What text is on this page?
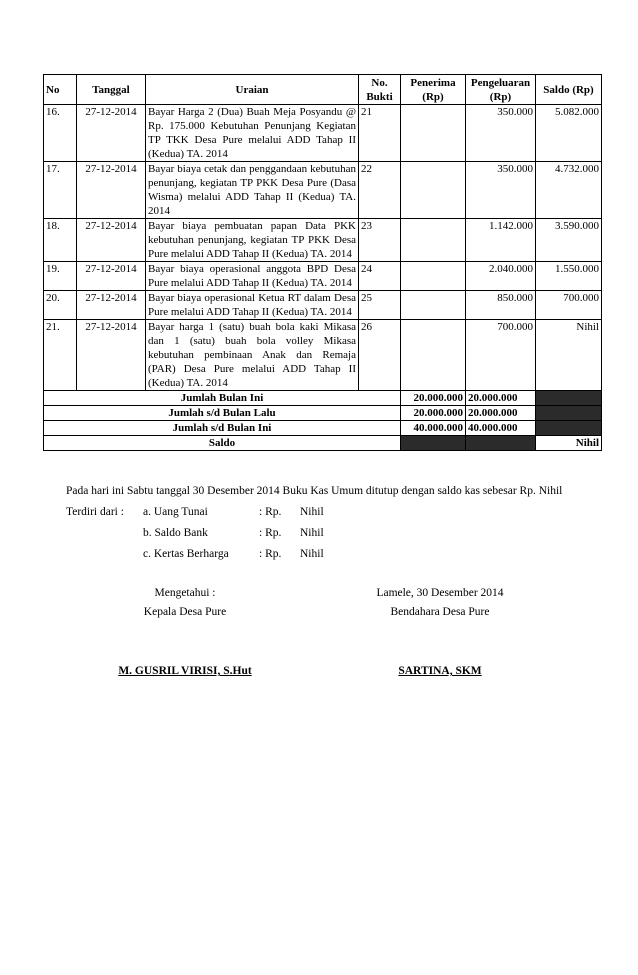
No	Tanggal	Uraian	No. Bukti	Penerima (Rp)	Pengeluaran (Rp)	Saldo (Rp)
16.	27-12-2014	Bayar Harga 2 (Dua) Buah Meja Posyandu @ Rp. 175.000 Kebutuhan Penunjang Kegiatan TP TKK Desa Pure melalui ADD Tahap II (Kedua) TA. 2014	21		350.000	5.082.000
17.	27-12-2014	Bayar biaya cetak dan penggandaan kebutuhan penunjang, kegiatan TP PKK Desa Pure (Dasa Wisma) melalui ADD Tahap II (Kedua) TA. 2014	22		350.000	4.732.000
18.	27-12-2014	Bayar biaya pembuatan papan Data PKK kebutuhan penunjang, kegiatan TP PKK Desa Pure melalui ADD Tahap II (Kedua) TA. 2014	23		1.142.000	3.590.000
19.	27-12-2014	Bayar biaya operasional anggota BPD Desa Pure melalui ADD Tahap II (Kedua) TA. 2014	24		2.040.000	1.550.000
20.	27-12-2014	Bayar biaya operasional Ketua RT dalam Desa Pure melalui ADD Tahap II (Kedua) TA. 2014	25		850.000	700.000
21.	27-12-2014	Bayar harga 1 (satu) buah bola kaki Mikasa dan 1 (satu) buah bola volley Mikasa kebutuhan pembinaan Anak dan Remaja (PAR) Desa Pure melalui ADD Tahap II (Kedua) TA. 2014	26		700.000	Nihil
Jumlah Bulan Ini				20.000.000	20.000.000	
Jumlah s/d Bulan Lalu				20.000.000	20.000.000	
Jumlah s/d Bulan Ini				40.000.000	40.000.000	
Saldo						Nihil
Pada hari ini Sabtu tanggal 30 Desember 2014 Buku Kas Umum ditutup dengan saldo kas sebesar Rp. Nihil
Terdiri dari : a. Uang Tunai	: Rp. Nihil
b. Saldo Bank	: Rp. Nihil
c. Kertas Berharga	: Rp. Nihil
Mengetahui :
Kepala Desa Pure
M. GUSRIL VIRISI, S.Hut
Lamele, 30 Desember 2014
Bendahara Desa Pure
SARTINA, SKM
